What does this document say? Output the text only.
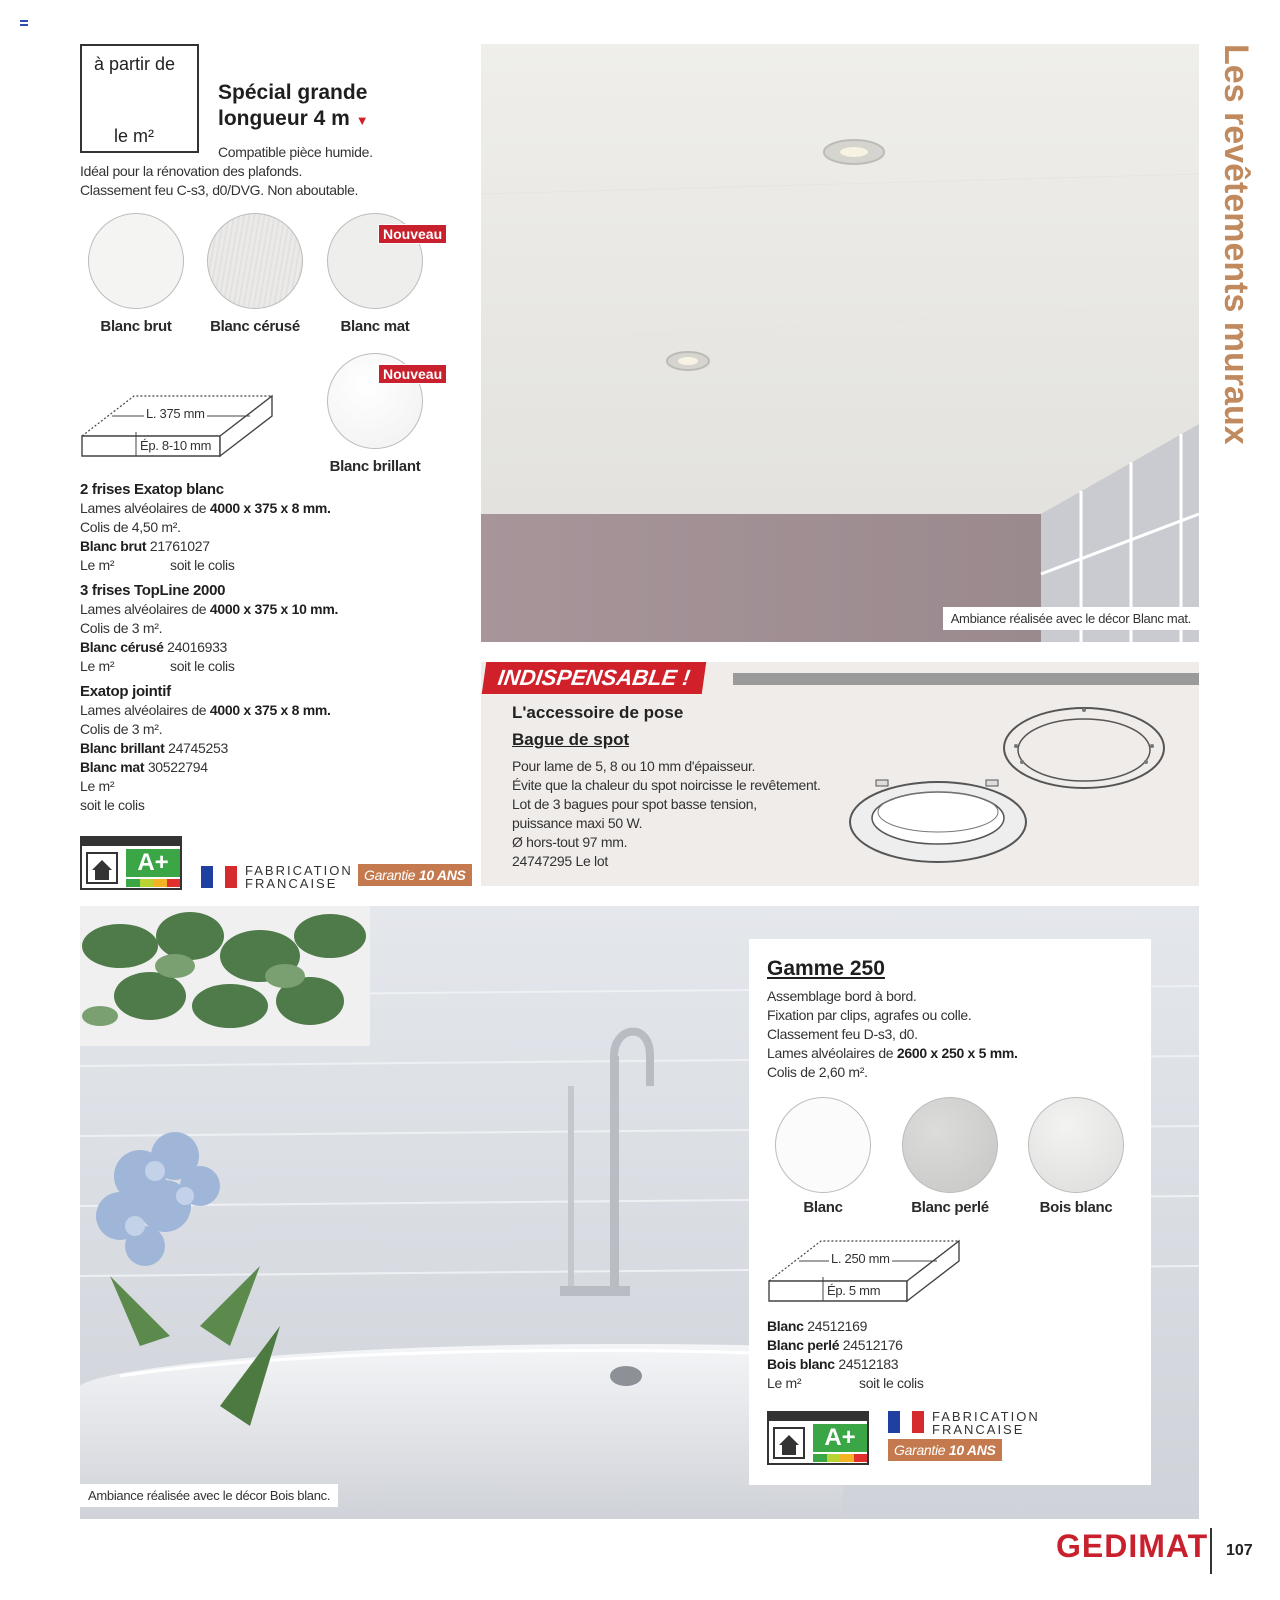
à partir de
le m²
Spécial grande
longueur 4 m ▼
Compatible pièce humide.
Idéal pour la rénovation des plafonds.
Classement feu C-s3, d0/DVG. Non aboutable.
Nouveau
Blanc brut	Blanc cérusé	Blanc mat
Nouveau
Blanc brillant
L. 375 mm
Ép. 8-10 mm
2 frises Exatop blanc
Lames alvéolaires de 4000 x 375 x 8 mm.
Colis de 4,50 m².
Blanc brut 21761027
Le m²	soit le colis
3 frises TopLine 2000
Lames alvéolaires de 4000 x 375 x 10 mm.
Colis de 3 m².
Blanc cérusé 24016933
Le m²	soit le colis
Exatop jointif
Lames alvéolaires de 4000 x 375 x 8 mm.
Colis de 3 m².
Blanc brillant 24745253
Blanc mat 30522794
Le m²
soit le colis
A+	FABRICATION
FRANCAISE
Garantie 10 ANS
Ambiance réalisée avec le décor Blanc mat.
Les revêtements muraux
INDISPENSABLE !
L'accessoire de pose
Bague de spot
Pour lame de 5, 8 ou 10 mm d'épaisseur.
Évite que la chaleur du spot noircisse le revêtement.
Lot de 3 bagues pour spot basse tension,
puissance maxi 50 W.
Ø hors-tout 97 mm.
24747295 Le lot
Ambiance réalisée avec le décor Bois blanc.
Gamme 250
Assemblage bord à bord.
Fixation par clips, agrafes ou colle.
Classement feu D-s3, d0.
Lames alvéolaires de 2600 x 250 x 5 mm.
Colis de 2,60 m².
Blanc	Blanc perlé	Bois blanc
L. 250 mm
Ép. 5 mm
Blanc 24512169
Blanc perlé 24512176
Bois blanc 24512183
Le m²	soit le colis
A+
FABRICATION
FRANCAISE
Garantie 10 ANS
GEDIMAT 107
